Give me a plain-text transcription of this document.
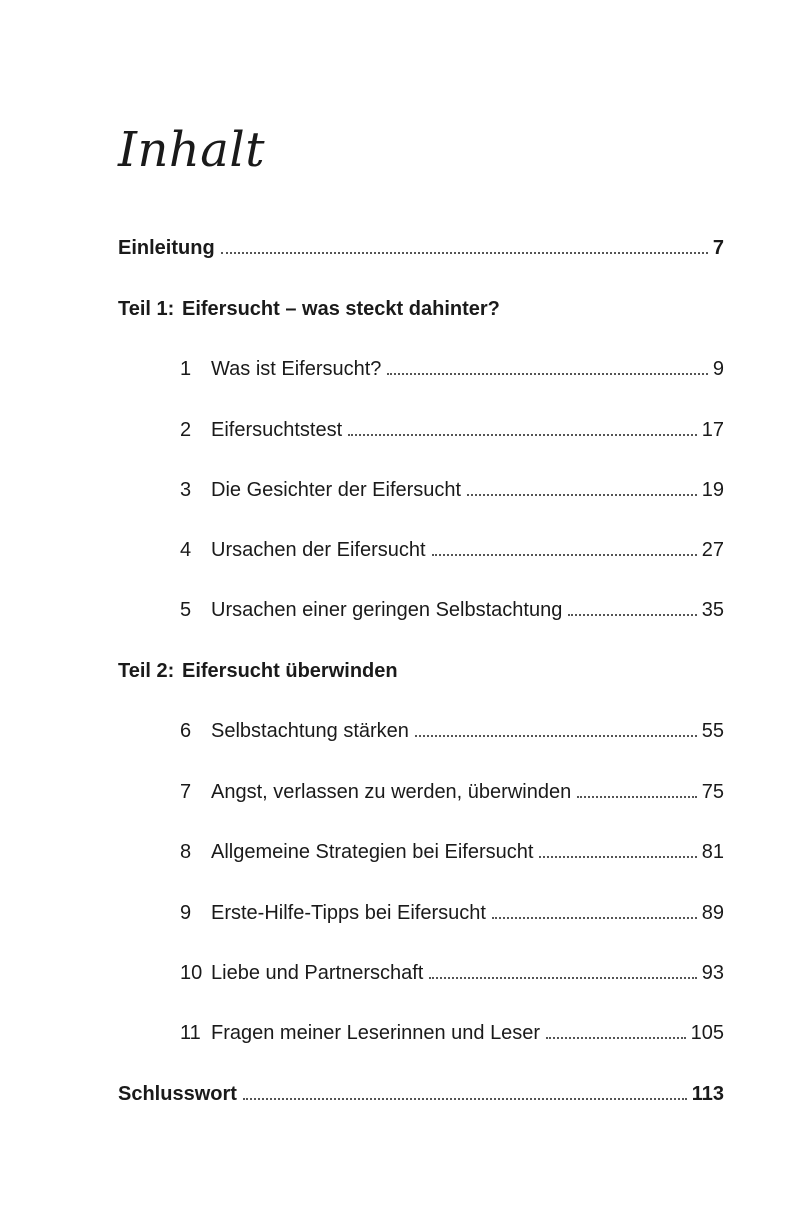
Inhalt
Einleitung	7
Teil 1: Eifersucht – was steckt dahinter?
1 Was ist Eifersucht?	9
2 Eifersuchtstest	17
3 Die Gesichter der Eifersucht	19
4 Ursachen der Eifersucht	27
5 Ursachen einer geringen Selbstachtung	35
Teil 2: Eifersucht überwinden
6 Selbstachtung stärken	55
7 Angst, verlassen zu werden, überwinden	75
8 Allgemeine Strategien bei Eifersucht	81
9 Erste-Hilfe-Tipps bei Eifersucht	89
10 Liebe und Partnerschaft	93
11 Fragen meiner Leserinnen und Leser	105
Schlusswort	113
